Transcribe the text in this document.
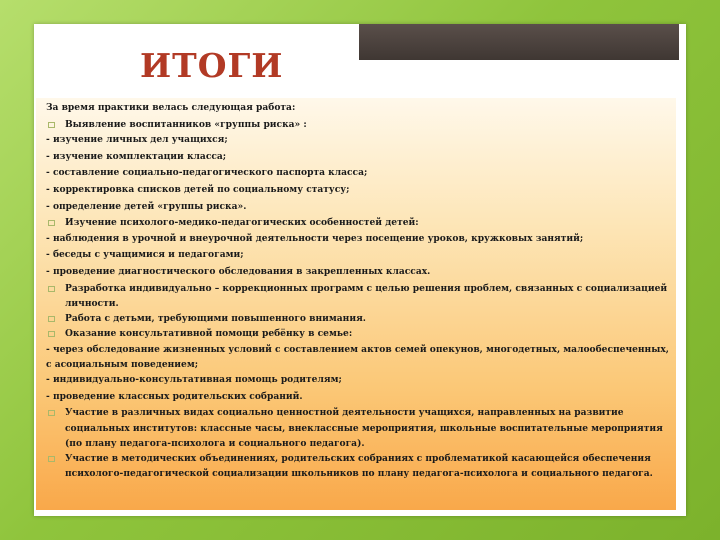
ИТОГИ
За время практики велась следующая работа:
Выявление воспитанников «группы риска» :
- изучение личных дел учащихся;
- изучение комплектации класса;
- составление социально-педагогического паспорта класса;
- корректировка списков детей по социальному статусу;
- определение детей «группы риска».
Изучение психолого-медико-педагогических особенностей детей:
- наблюдения в урочной и внеурочной деятельности через посещение уроков, кружковых занятий;
- беседы с учащимися и педагогами;
- проведение диагностического обследования в закрепленных классах.
Разработка индивидуально – коррекционных программ с целью решения проблем, связанных с социализацией личности.
Работа с детьми, требующими повышенного внимания.
Оказание консультативной помощи ребёнку в семье:
- через обследование жизненных условий с составлением актов семей опекунов, многодетных, малообеспеченных, с асоциальным поведением;
- индивидуально-консультативная помощь родителям;
- проведение классных родительских собраний.
Участие в различных видах социально ценностной деятельности учащихся, направленных на развитие социальных институтов: классные часы, внеклассные мероприятия, школьные воспитательные мероприятия (по плану педагога-психолога и социального педагога).
Участие в методических объединениях, родительских собраниях с проблематикой касающейся обеспечения психолого-педагогической социализации школьников по плану педагога-психолога и социального педагога.
